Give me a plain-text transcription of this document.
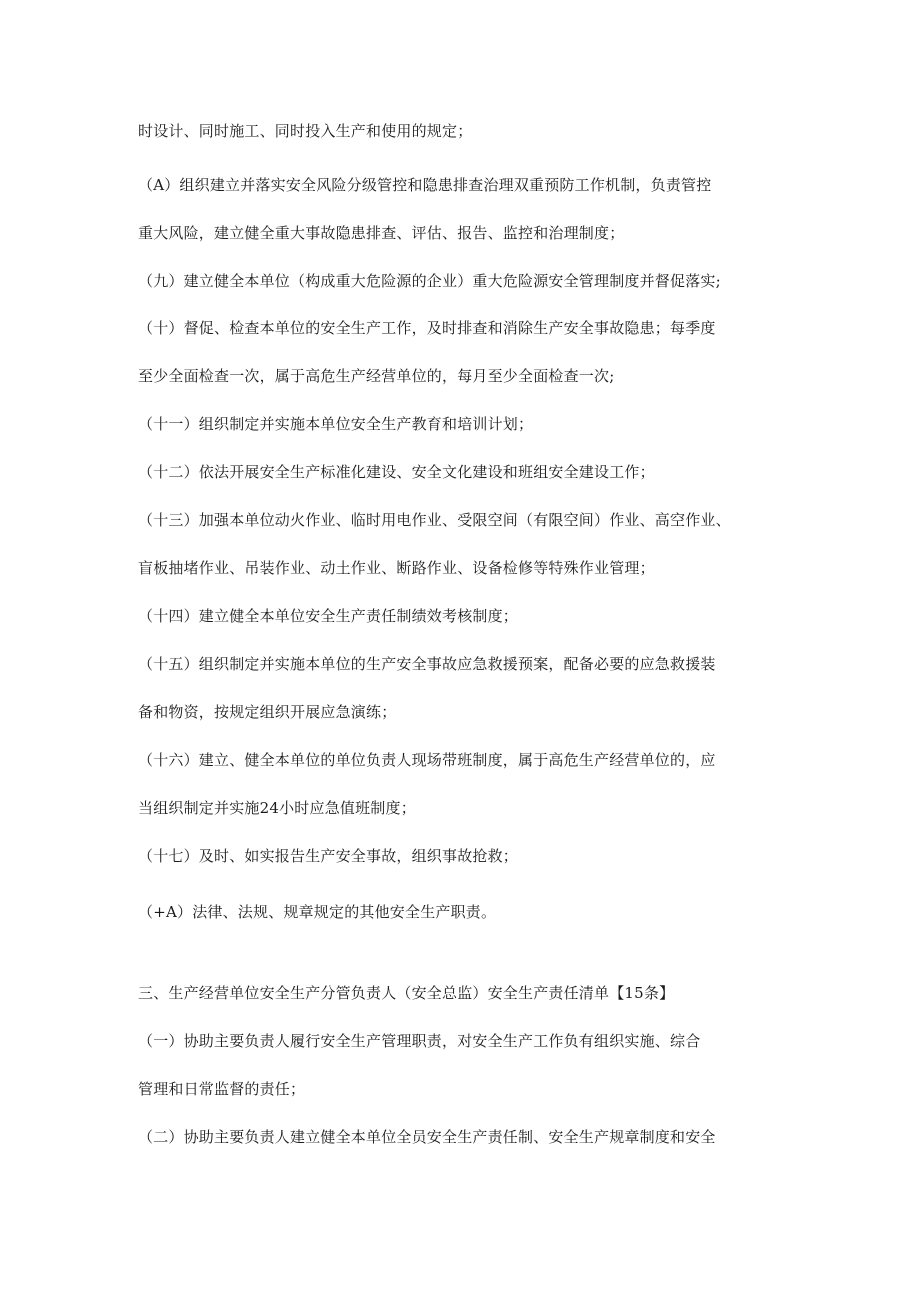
时设计、同时施工、同时投入生产和使用的规定；
（A）组织建立并落实安全风险分级管控和隐患排查治理双重预防工作机制，负责管控
重大风险，建立健全重大事故隐患排查、评估、报告、监控和治理制度；
（九）建立健全本单位（构成重大危险源的企业）重大危险源安全管理制度并督促落实;
（十）督促、检查本单位的安全生产工作，及时排查和消除生产安全事故隐患；每季度
至少全面检查一次，属于高危生产经营单位的，每月至少全面检查一次;
（十一）组织制定并实施本单位安全生产教育和培训计划；
（十二）依法开展安全生产标准化建设、安全文化建设和班组安全建设工作；
（十三）加强本单位动火作业、临时用电作业、受限空间（有限空间）作业、高空作业、
盲板抽堵作业、吊装作业、动土作业、断路作业、设备检修等特殊作业管理；
（十四）建立健全本单位安全生产责任制绩效考核制度；
（十五）组织制定并实施本单位的生产安全事故应急救援预案，配备必要的应急救援装
备和物资，按规定组织开展应急演练；
（十六）建立、健全本单位的单位负责人现场带班制度，属于高危生产经营单位的，应
当组织制定并实施24小时应急值班制度；
（十七）及时、如实报告生产安全事故，组织事故抢救；
（+A）法律、法规、规章规定的其他安全生产职责。
三、生产经营单位安全生产分管负责人（安全总监）安全生产责任清单【15条】
（一）协助主要负责人履行安全生产管理职责，对安全生产工作负有组织实施、综合
管理和日常监督的责任；
（二）协助主要负责人建立健全本单位全员安全生产责任制、安全生产规章制度和安全
